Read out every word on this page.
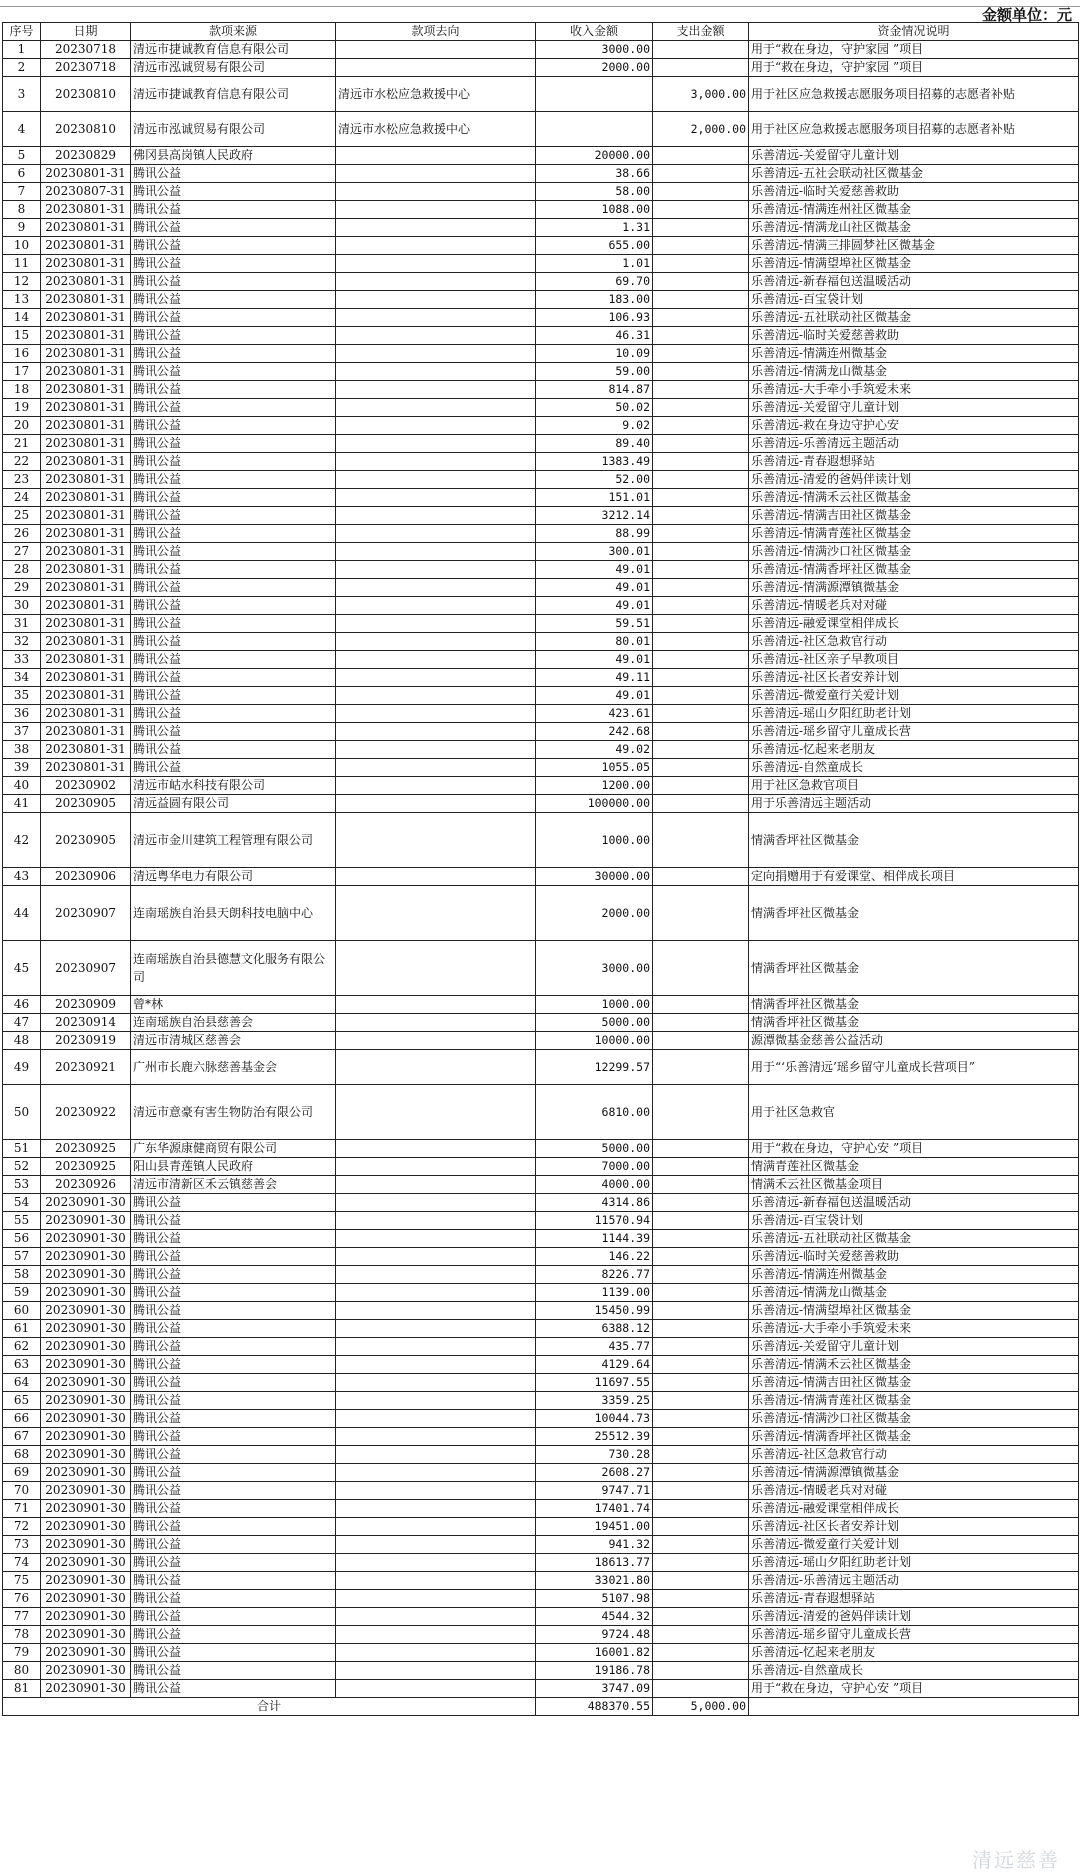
金额单位：元
序号	日期	款项来源	款项去向	收入金额	支出金额	资金情况说明
1	20230718	清远市捷诚教育信息有限公司		3000.00		用于“救在身边，守护家园 ”项目
2	20230718	清远市泓诚贸易有限公司		2000.00		用于“救在身边，守护家园 ”项目
3	20230810	清远市捷诚教育信息有限公司	清远市水松应急救援中心		3,000.00	用于社区应急救援志愿服务项目招募的志愿者补贴
4	20230810	清远市泓诚贸易有限公司	清远市水松应急救援中心		2,000.00	用于社区应急救援志愿服务项目招募的志愿者补贴
5	20230829	佛冈县高岗镇人民政府		20000.00		乐善清远-关爱留守儿童计划
6	20230801-31	腾讯公益		38.66		乐善清远-五社会联动社区微基金
7	20230807-31	腾讯公益		58.00		乐善清远-临时关爱慈善救助
8	20230801-31	腾讯公益		1088.00		乐善清远-情满连州社区微基金
9	20230801-31	腾讯公益		1.31		乐善清远-情满龙山社区微基金
10	20230801-31	腾讯公益		655.00		乐善清远-情满三排圆梦社区微基金
11	20230801-31	腾讯公益		1.01		乐善清远-情满望埠社区微基金
12	20230801-31	腾讯公益		69.70		乐善清远-新春福包送温暖活动
13	20230801-31	腾讯公益		183.00		乐善清远-百宝袋计划
14	20230801-31	腾讯公益		106.93		乐善清远-五社联动社区微基金
15	20230801-31	腾讯公益		46.31		乐善清远-临时关爱慈善救助
16	20230801-31	腾讯公益		10.09		乐善清远-情满连州微基金
17	20230801-31	腾讯公益		59.00		乐善清远-情满龙山微基金
18	20230801-31	腾讯公益		814.87		乐善清远-大手牵小手筑爱未来
19	20230801-31	腾讯公益		50.02		乐善清远-关爱留守儿童计划
20	20230801-31	腾讯公益		9.02		乐善清远-救在身边守护心安
21	20230801-31	腾讯公益		89.40		乐善清远-乐善清远主题活动
22	20230801-31	腾讯公益		1383.49		乐善清远-青春遐想驿站
23	20230801-31	腾讯公益		52.00		乐善清远-清爱的爸妈伴读计划
24	20230801-31	腾讯公益		151.01		乐善清远-情满禾云社区微基金
25	20230801-31	腾讯公益		3212.14		乐善清远-情满吉田社区微基金
26	20230801-31	腾讯公益		88.99		乐善清远-情满青莲社区微基金
27	20230801-31	腾讯公益		300.01		乐善清远-情满沙口社区微基金
28	20230801-31	腾讯公益		49.01		乐善清远-情满香坪社区微基金
29	20230801-31	腾讯公益		49.01		乐善清远-情满源潭镇微基金
30	20230801-31	腾讯公益		49.01		乐善清远-情暖老兵对对碰
31	20230801-31	腾讯公益		59.51		乐善清远-融爱课堂相伴成长
32	20230801-31	腾讯公益		80.01		乐善清远-社区急救官行动
33	20230801-31	腾讯公益		49.01		乐善清远-社区亲子早教项目
34	20230801-31	腾讯公益		49.11		乐善清远-社区长者安养计划
35	20230801-31	腾讯公益		49.01		乐善清远-微爱童行关爱计划
36	20230801-31	腾讯公益		423.61		乐善清远-瑶山夕阳红助老计划
37	20230801-31	腾讯公益		242.68		乐善清远-瑶乡留守儿童成长营
38	20230801-31	腾讯公益		49.02		乐善清远-忆起来老朋友
39	20230801-31	腾讯公益		1055.05		乐善清远-自然童成长
40	20230902	清远市岵水科技有限公司		1200.00		用于社区急救官项目
41	20230905	清远益圆有限公司		100000.00		用于乐善清远主题活动
42	20230905	清远市金川建筑工程管理有限公司		1000.00		情满香坪社区微基金
43	20230906	清远粤华电力有限公司		30000.00		定向捐赠用于有爱课堂、相伴成长项目
44	20230907	连南瑶族自治县天朗科技电脑中心		2000.00		情满香坪社区微基金
45	20230907	连南瑶族自治县德慧文化服务有限公司		3000.00		情满香坪社区微基金
46	20230909	曾*林		1000.00		情满香坪社区微基金
47	20230914	连南瑶族自治县慈善会		5000.00		情满香坪社区微基金
48	20230919	清远市清城区慈善会		10000.00		源潭微基金慈善公益活动
49	20230921	广州市长鹿六脉慈善基金会		12299.57		用于“‘乐善清远’瑶乡留守儿童成长营项目”
50	20230922	清远市意豪有害生物防治有限公司		6810.00		用于社区急救官
51	20230925	广东华源康健商贸有限公司		5000.00		用于“救在身边，守护心安 ”项目
52	20230925	阳山县青莲镇人民政府		7000.00		情满青莲社区微基金
53	20230926	清远市清新区禾云镇慈善会		4000.00		情满禾云社区微基金项目
54	20230901-30	腾讯公益		4314.86		乐善清远-新春福包送温暖活动
55	20230901-30	腾讯公益		11570.94		乐善清远-百宝袋计划
56	20230901-30	腾讯公益		1144.39		乐善清远-五社联动社区微基金
57	20230901-30	腾讯公益		146.22		乐善清远-临时关爱慈善救助
58	20230901-30	腾讯公益		8226.77		乐善清远-情满连州微基金
59	20230901-30	腾讯公益		1139.00		乐善清远-情满龙山微基金
60	20230901-30	腾讯公益		15450.99		乐善清远-情满望埠社区微基金
61	20230901-30	腾讯公益		6388.12		乐善清远-大手牵小手筑爱未来
62	20230901-30	腾讯公益		435.77		乐善清远-关爱留守儿童计划
63	20230901-30	腾讯公益		4129.64		乐善清远-情满禾云社区微基金
64	20230901-30	腾讯公益		11697.55		乐善清远-情满吉田社区微基金
65	20230901-30	腾讯公益		3359.25		乐善清远-情满青莲社区微基金
66	20230901-30	腾讯公益		10044.73		乐善清远-情满沙口社区微基金
67	20230901-30	腾讯公益		25512.39		乐善清远-情满香坪社区微基金
68	20230901-30	腾讯公益		730.28		乐善清远-社区急救官行动
69	20230901-30	腾讯公益		2608.27		乐善清远-情满源潭镇微基金
70	20230901-30	腾讯公益		9747.71		乐善清远-情暖老兵对对碰
71	20230901-30	腾讯公益		17401.74		乐善清远-融爱课堂相伴成长
72	20230901-30	腾讯公益		19451.00		乐善清远-社区长者安养计划
73	20230901-30	腾讯公益		941.32		乐善清远-微爱童行关爱计划
74	20230901-30	腾讯公益		18613.77		乐善清远-瑶山夕阳红助老计划
75	20230901-30	腾讯公益		33021.80		乐善清远-乐善清远主题活动
76	20230901-30	腾讯公益		5107.98		乐善清远-青春遐想驿站
77	20230901-30	腾讯公益		4544.32		乐善清远-清爱的爸妈伴读计划
78	20230901-30	腾讯公益		9724.48		乐善清远-瑶乡留守儿童成长营
79	20230901-30	腾讯公益		16001.82		乐善清远-忆起来老朋友
80	20230901-30	腾讯公益		19186.78		乐善清远-自然童成长
81	20230901-30	腾讯公益		3747.09		用于“救在身边，守护心安 ”项目
合计				488370.55	5,000.00	
清远慈善
